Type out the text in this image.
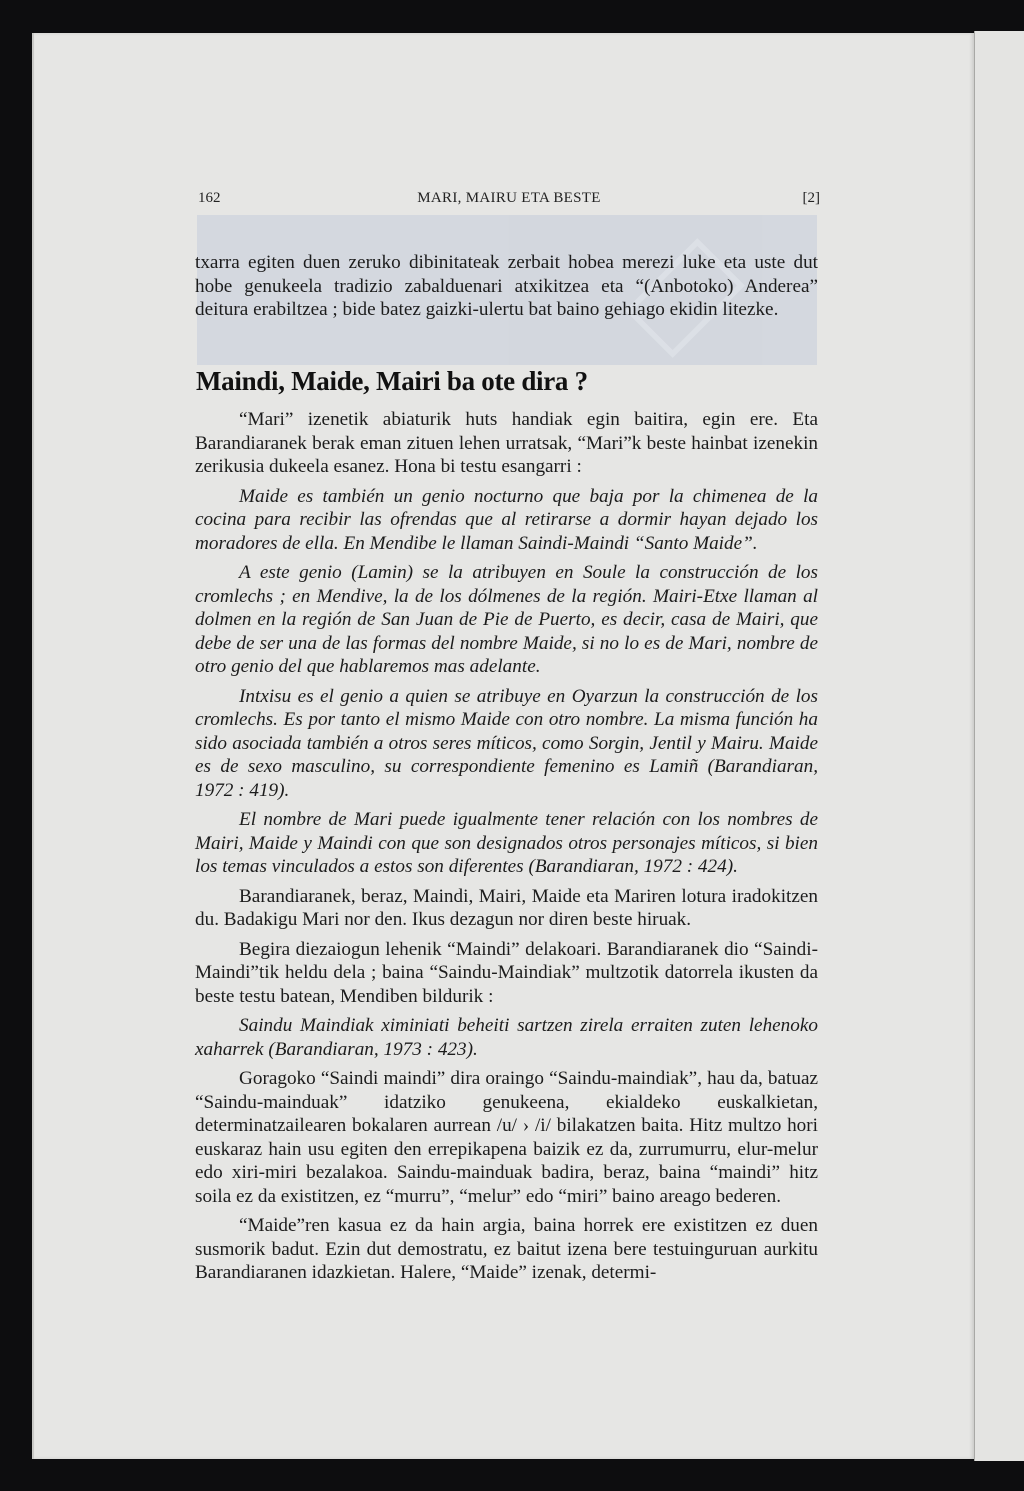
162	MARI, MAIRU ETA BESTE	[2]

txarra egiten duen zeruko dibinitateak zerbait hobea merezi luke eta uste dut hobe genukeela tradizio zabalduenari atxikitzea eta “(Anbotoko) Anderea” deitura erabiltzea ; bide batez gaizki-ulertu bat baino gehiago ekidin litezke.

Maindi, Maide, Mairi ba ote dira ?

“Mari” izenetik abiaturik huts handiak egin baitira, egin ere. Eta Barandiaranek berak eman zituen lehen urratsak, “Mari”k beste hainbat izenekin zerikusia dukeela esanez. Hona bi testu esangarri :

Maide es también un genio nocturno que baja por la chimenea de la cocina para recibir las ofrendas que al retirarse a dormir hayan dejado los moradores de ella. En Mendibe le llaman Saindi-Maindi “Santo Maide”.

A este genio (Lamin) se la atribuyen en Soule la construcción de los cromlechs ; en Mendive, la de los dólmenes de la región. Mairi-Etxe llaman al dolmen en la región de San Juan de Pie de Puerto, es decir, casa de Mairi, que debe de ser una de las formas del nombre Maide, si no lo es de Mari, nombre de otro genio del que hablaremos mas adelante.

Intxisu es el genio a quien se atribuye en Oyarzun la construcción de los cromlechs. Es por tanto el mismo Maide con otro nombre. La misma función ha sido asociada también a otros seres míticos, como Sorgin, Jentil y Mairu. Maide es de sexo masculino, su correspondiente femenino es Lamiñ (Barandiaran, 1972 : 419).

El nombre de Mari puede igualmente tener relación con los nombres de Mairi, Maide y Maindi con que son designados otros personajes míticos, si bien los temas vinculados a estos son diferentes (Barandiaran, 1972 : 424).

Barandiaranek, beraz, Maindi, Mairi, Maide eta Mariren lotura iradokitzen du. Badakigu Mari nor den. Ikus dezagun nor diren beste hiruak.

Begira diezaiogun lehenik “Maindi” delakoari. Barandiaranek dio “Saindi-Maindi”tik heldu dela ; baina “Saindu-Maindiak” multzotik datorrela ikusten da beste testu batean, Mendiben bildurik :

Saindu Maindiak ximiniati beheiti sartzen zirela erraiten zuten lehenoko xaharrek (Barandiaran, 1973 : 423).

Goragoko “Saindi maindi” dira oraingo “Saindu-maindiak”, hau da, batuaz “Saindu-mainduak” idatziko genukeena, ekialdeko euskalkietan, determinatzailearen bokalaren aurrean /u/ › /i/ bilakatzen baita. Hitz multzo hori euskaraz hain usu egiten den errepikapena baizik ez da, zurrumurru, elur-melur edo xiri-miri bezalakoa. Saindu-mainduak badira, beraz, baina “maindi” hitz soila ez da existitzen, ez “murru”, “melur” edo “miri” baino areago bederen.

“Maide”ren kasua ez da hain argia, baina horrek ere existitzen ez duen susmorik badut. Ezin dut demostratu, ez baitut izena bere testuinguruan aurkitu Barandiaranen idazkietan. Halere, “Maide” izenak, determi-
